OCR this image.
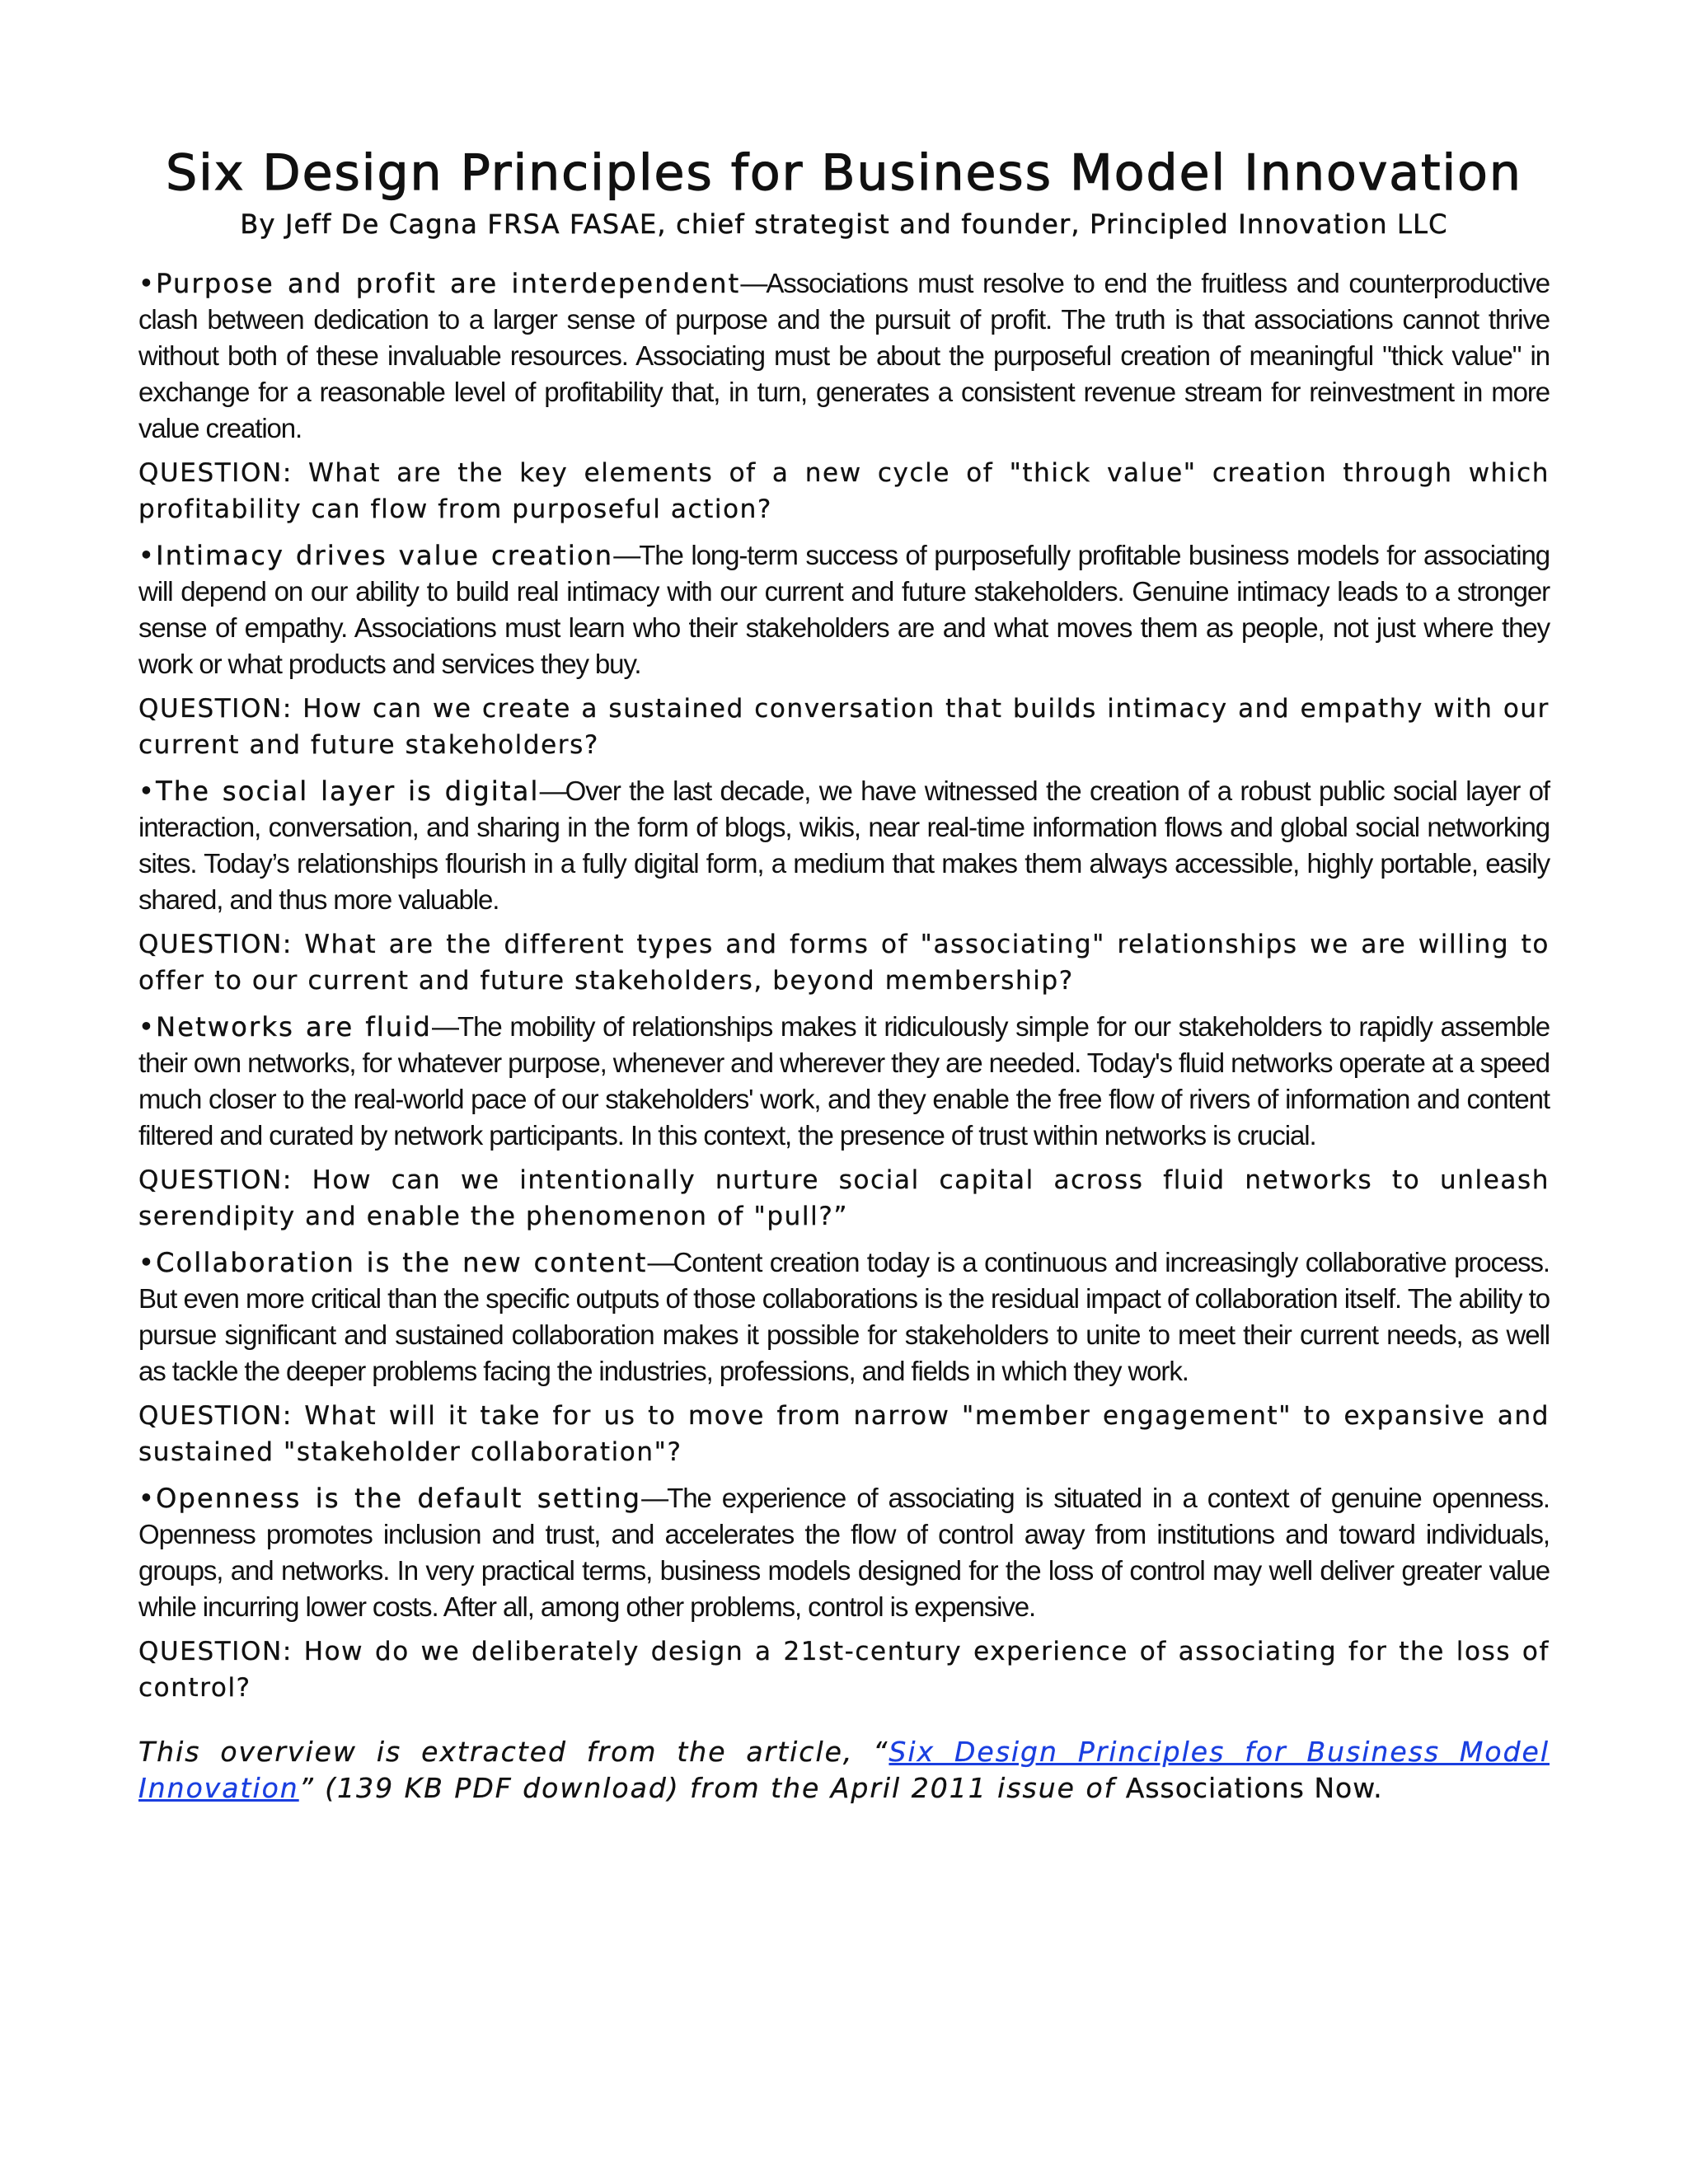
Six Design Principles for Business Model Innovation
By Jeff De Cagna FRSA FASAE, chief strategist and founder, Principled Innovation LLC

•Purpose and profit are interdependent—Associations must resolve to end the fruitless and counterproductive clash between dedication to a larger sense of purpose and the pursuit of profit. The truth is that associations cannot thrive without both of these invaluable resources. Associating must be about the purposeful creation of meaningful "thick value" in exchange for a reasonable level of profitability that, in turn, generates a consistent revenue stream for reinvestment in more value creation.

QUESTION: What are the key elements of a new cycle of "thick value" creation through which profitability can flow from purposeful action?

•Intimacy drives value creation—The long-term success of purposefully profitable business models for associating will depend on our ability to build real intimacy with our current and future stakeholders. Genuine intimacy leads to a stronger sense of empathy. Associations must learn who their stakeholders are and what moves them as people, not just where they work or what products and services they buy.

QUESTION: How can we create a sustained conversation that builds intimacy and empathy with our current and future stakeholders?

•The social layer is digital—Over the last decade, we have witnessed the creation of a robust public social layer of interaction, conversation, and sharing in the form of blogs, wikis, near real-time information flows and global social networking sites. Today’s relationships flourish in a fully digital form, a medium that makes them always accessible, highly portable, easily shared, and thus more valuable.

QUESTION: What are the different types and forms of "associating" relationships we are willing to offer to our current and future stakeholders, beyond membership?

•Networks are fluid—The mobility of relationships makes it ridiculously simple for our stakeholders to rapidly assemble their own networks, for whatever purpose, whenever and wherever they are needed. Today's fluid networks operate at a speed much closer to the real-world pace of our stakeholders' work, and they enable the free flow of rivers of information and content filtered and curated by network participants. In this context, the presence of trust within networks is crucial.

QUESTION: How can we intentionally nurture social capital across fluid networks to unleash serendipity and enable the phenomenon of "pull?”

•Collaboration is the new content—Content creation today is a continuous and increasingly collaborative process. But even more critical than the specific outputs of those collaborations is the residual impact of collaboration itself. The ability to pursue significant and sustained collaboration makes it possible for stakeholders to unite to meet their current needs, as well as tackle the deeper problems facing the industries, professions, and fields in which they work.

QUESTION: What will it take for us to move from narrow "member engagement" to expansive and sustained "stakeholder collaboration"?

•Openness is the default setting—The experience of associating is situated in a context of genuine openness. Openness promotes inclusion and trust, and accelerates the flow of control away from institutions and toward individuals, groups, and networks. In very practical terms, business models designed for the loss of control may well deliver greater value while incurring lower costs. After all, among other problems, control is expensive.

QUESTION: How do we deliberately design a 21st-century experience of associating for the loss of control?

This overview is extracted from the article, “Six Design Principles for Business Model Innovation” (139 KB PDF download) from the April 2011 issue of Associations Now.
